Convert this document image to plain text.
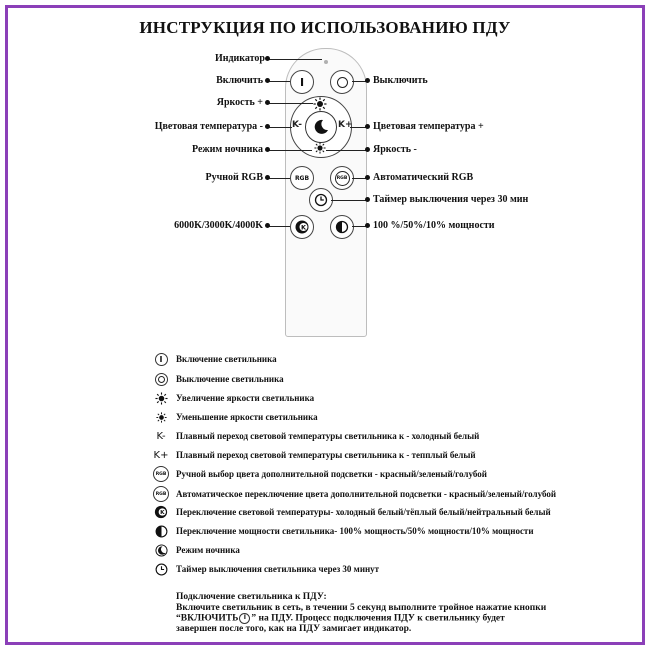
ИНСТРУКЦИЯ ПО ИСПОЛЬЗОВАНИЮ ПДУ
I
K-	K+
RGB	RGB
K
Индикатор
Включить	Выключить
Яркость +
Цветовая температура -	Цветовая температура +
Режим ночника	Яркость -
Ручной RGB	Автоматический RGB
Таймер выключения через 30 мин
6000K/3000K/4000K	100 %/50%/10% мощности
I	Включение светильника
Выключение светильника
Увеличение яркости светильника
Уменьшение яркости светильника
K- Плавный переход световой температуры светильника к - холодный белый
K+ Плавный переход световой температуры светильника к - тепплый белый
RGB	Ручной выбор цвета дополнительной подсветки - красный/зеленый/голубой
RGB	Автоматическое переключение цвета дополнительной подсветки - красный/зеленый/голубой
K Переключение световой температуры- холодный белый/тёплый белый/нейтральный белый
Переключение мощности светильника- 100% мощность/50% мощности/10% мощности
Режим ночника
Таймер выключения светильника через 30 минут
Подключение светильника к ПДУ:
Включите светильник в сеть, в течении 5 секунд выполните тройное нажатие кнопки
“ВКЛЮЧИТЬ I ” на ПДУ. Процесс подключения ПДУ к светильнику будет
завершен после того, как на ПДУ замигает индикатор.
